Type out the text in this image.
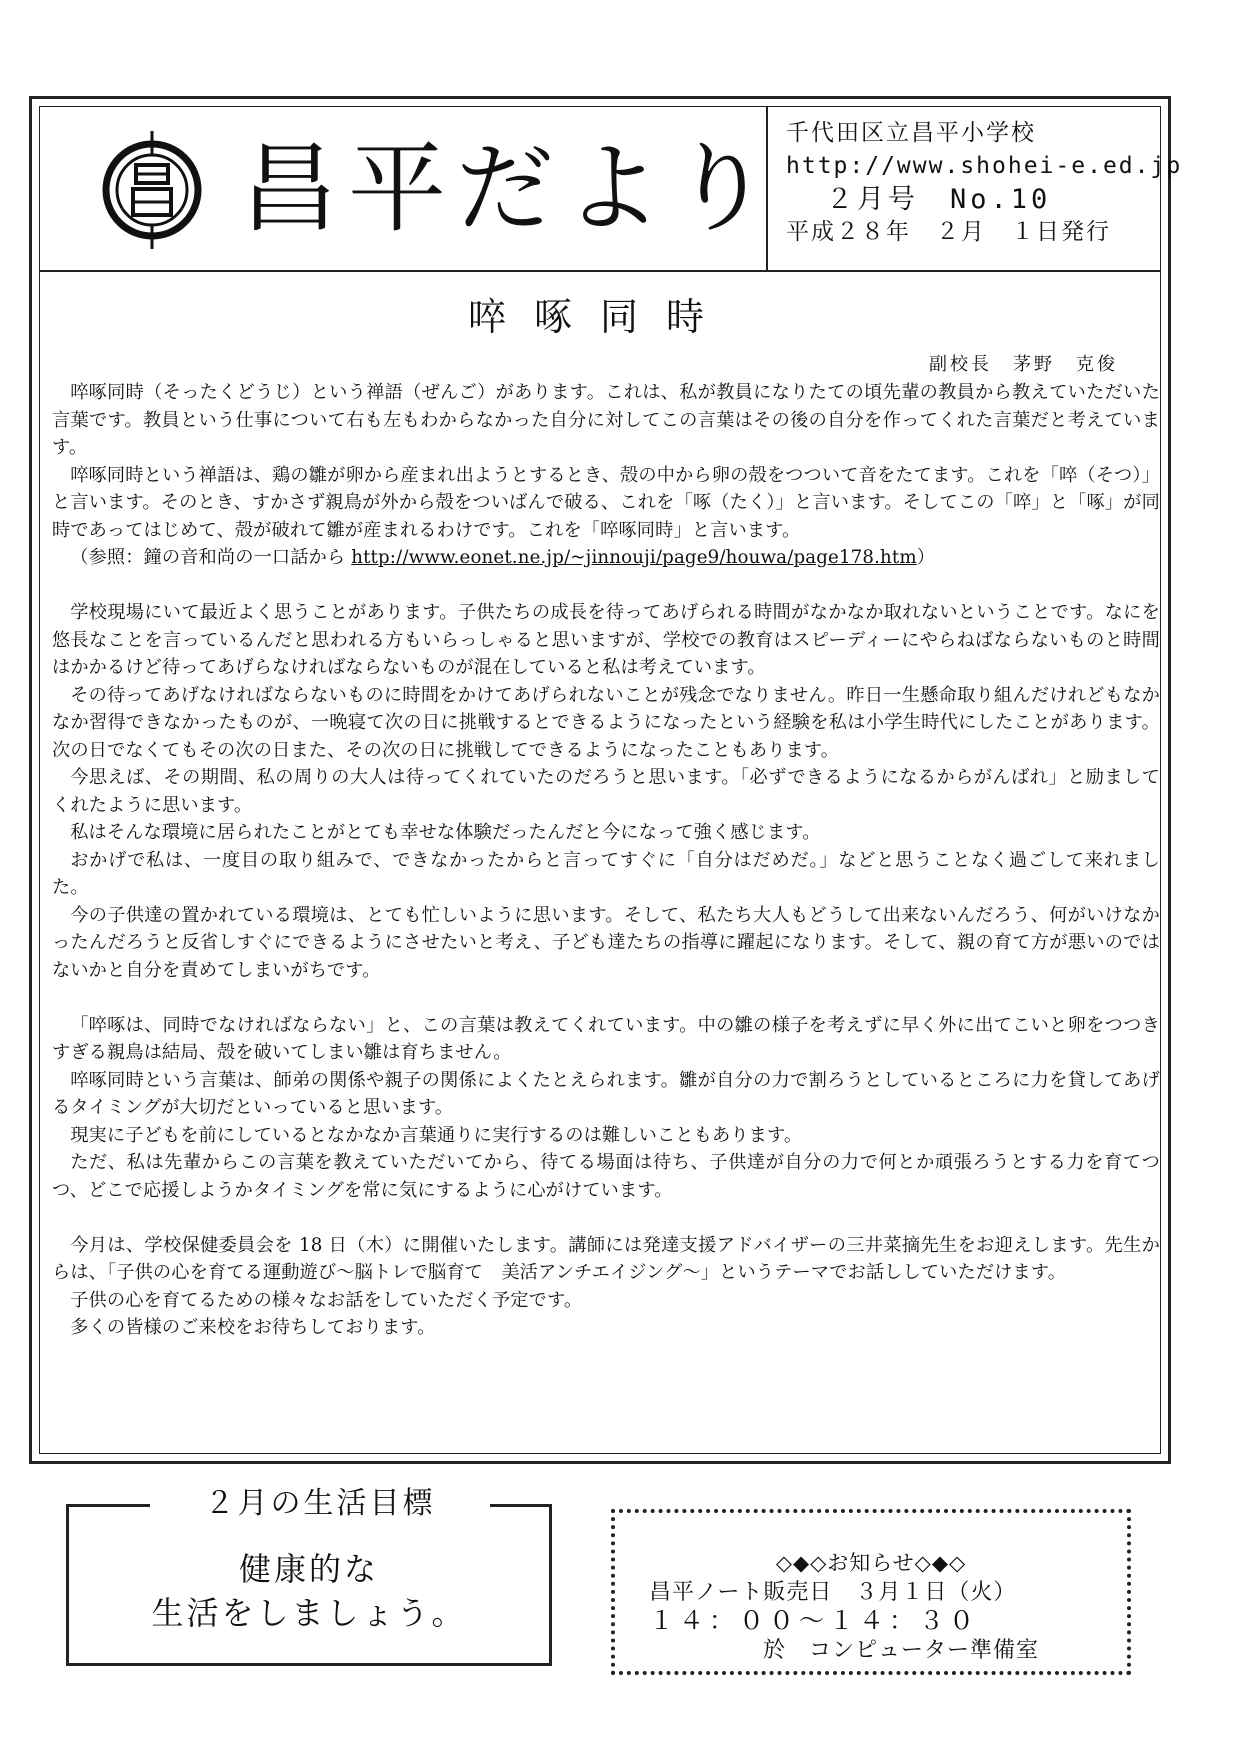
昌平だより 千代田区立昌平小学校
http://www.shohei-e.ed.jp
２月号　No.10
平成２８年　２月　１日発行
啐啄同時
副校長　茅野　克俊

啐啄同時（そったくどうじ）という禅語（ぜんご）があります。これは、私が教員になりたての頃先輩の教員から教えていただいた言葉です。教員という仕事について右も左もわからなかった自分に対してこの言葉はその後の自分を作ってくれた言葉だと考えています。

啐啄同時という禅語は、鶏の雛が卵から産まれ出ようとするとき、殻の中から卵の殻をつついて音をたてます。これを「啐（そつ）」と言います。そのとき、すかさず親鳥が外から殻をついばんで破る、これを「啄（たく）」と言います。そしてこの「啐」と「啄」が同時であってはじめて、殻が破れて雛が産まれるわけです。これを「啐啄同時」と言います。

（参照：鐘の音和尚の一口話から http://www.eonet.ne.jp/~jinnouji/page9/houwa/page178.htm）

学校現場にいて最近よく思うことがあります。子供たちの成長を待ってあげられる時間がなかなか取れないということです。なにを悠長なことを言っているんだと思われる方もいらっしゃると思いますが、学校での教育はスピーディーにやらねばならないものと時間はかかるけど待ってあげらなければならないものが混在していると私は考えています。

その待ってあげなければならないものに時間をかけてあげられないことが残念でなりません。昨日一生懸命取り組んだけれどもなかなか習得できなかったものが、一晩寝て次の日に挑戦するとできるようになったという経験を私は小学生時代にしたことがあります。次の日でなくてもその次の日また、その次の日に挑戦してできるようになったこともあります。

今思えば、その期間、私の周りの大人は待ってくれていたのだろうと思います。「必ずできるようになるからがんばれ」と励ましてくれたように思います。

私はそんな環境に居られたことがとても幸せな体験だったんだと今になって強く感じます。

おかげで私は、一度目の取り組みで、できなかったからと言ってすぐに「自分はだめだ。」などと思うことなく過ごして来れました。

今の子供達の置かれている環境は、とても忙しいように思います。そして、私たち大人もどうして出来ないんだろう、何がいけなかったんだろうと反省しすぐにできるようにさせたいと考え、子ども達たちの指導に躍起になります。そして、親の育て方が悪いのではないかと自分を責めてしまいがちです。

「啐啄は、同時でなければならない」と、この言葉は教えてくれています。中の雛の様子を考えずに早く外に出てこいと卵をつつきすぎる親鳥は結局、殻を破いてしまい雛は育ちません。

啐啄同時という言葉は、師弟の関係や親子の関係によくたとえられます。雛が自分の力で割ろうとしているところに力を貸してあげるタイミングが大切だといっていると思います。

現実に子どもを前にしているとなかなか言葉通りに実行するのは難しいこともあります。

ただ、私は先輩からこの言葉を教えていただいてから、待てる場面は待ち、子供達が自分の力で何とか頑張ろうとする力を育てつつ、どこで応援しようかタイミングを常に気にするように心がけています。

今月は、学校保健委員会を 18 日（木）に開催いたします。講師には発達支援アドバイザーの三井菜摘先生をお迎えします。先生からは、「子供の心を育てる運動遊び～脳トレで脳育て　美活アンチエイジング～」というテーマでお話ししていただけます。

子供の心を育てるための様々なお話をしていただく予定です。

多くの皆様のご来校をお待ちしております。

２月の生活目標
健康的な
生活をしましょう。
◇◆◇お知らせ◇◆◇
昌平ノート販売日　３月１日（火）
１４：００～１４：３０
於　コンピューター準備室
